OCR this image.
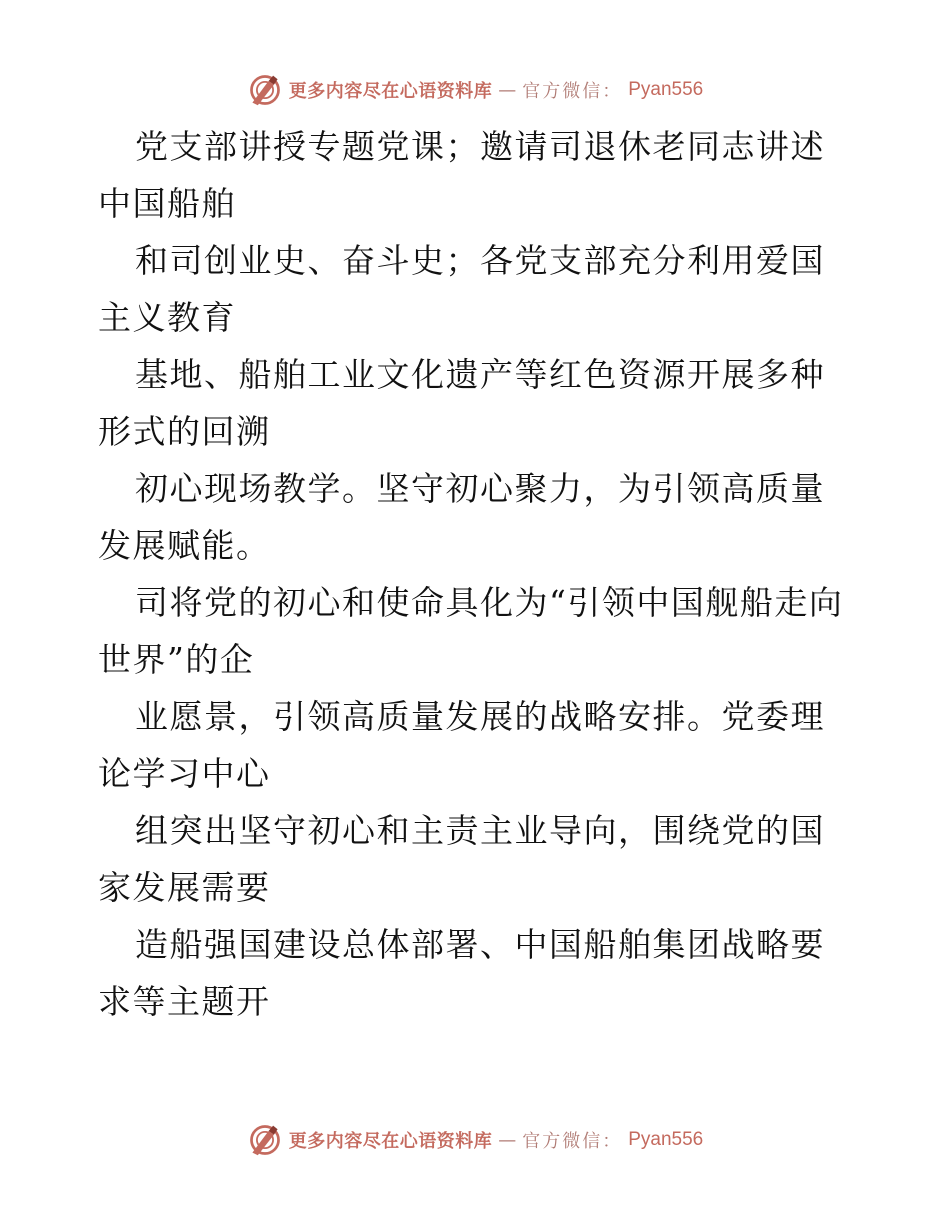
更多内容尽在心语资料库 — 官方微信： Pyan556

党支部讲授专题党课；邀请司退休老同志讲述中国船舶

和司创业史、奋斗史；各党支部充分利用爱国主义教育

基地、船舶工业文化遗产等红色资源开展多种形式的回溯

初心现场教学。坚守初心聚力，为引领高质量发展赋能。

司将党的初心和使命具化为“引领中国舰船走向世界”的企

业愿景，引领高质量发展的战略安排。党委理论学习中心

组突出坚守初心和主责主业导向，围绕党的国家发展需要

造船强国建设总体部署、中国船舶集团战略要求等主题开

更多内容尽在心语资料库 — 官方微信： Pyan556
